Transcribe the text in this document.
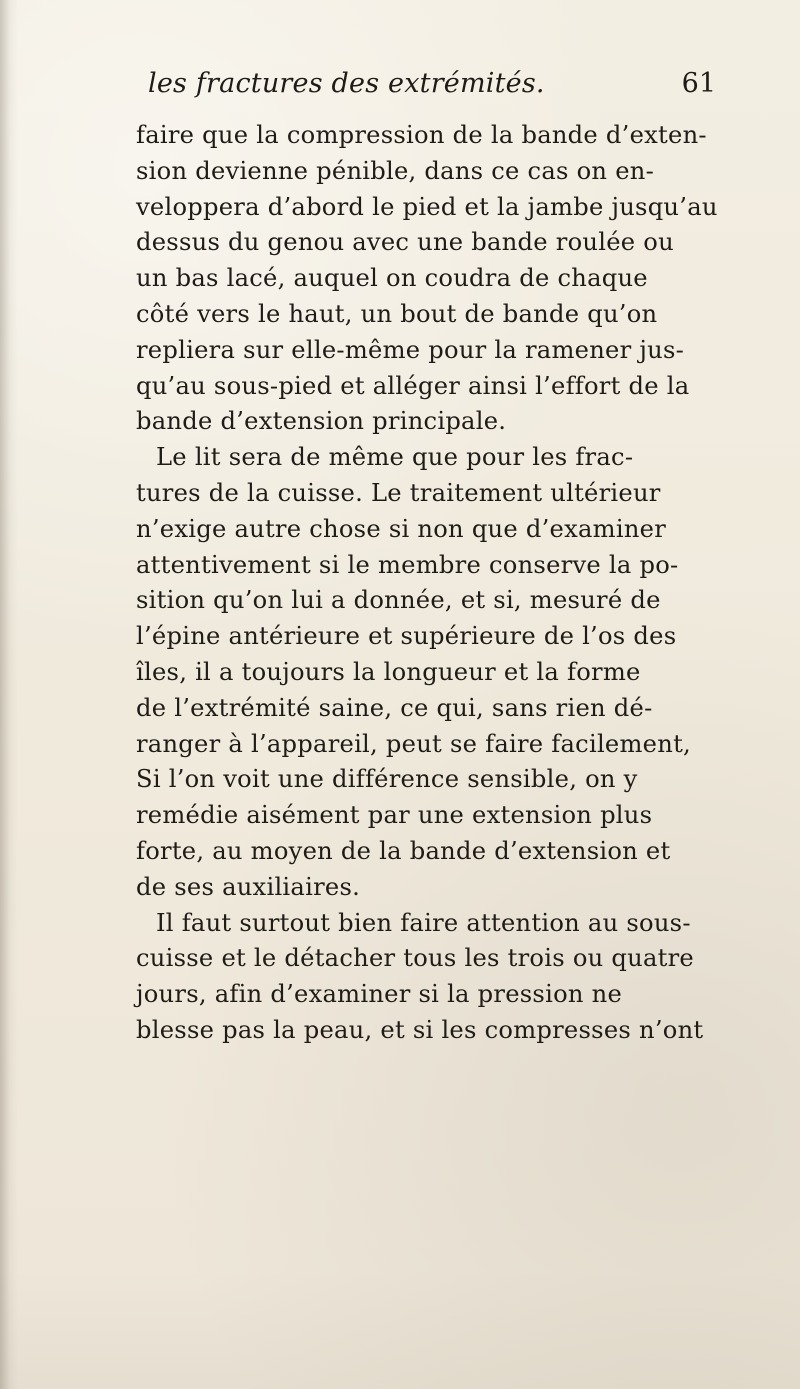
les fractures des extrémités.	61
faire que la compression de la bande d’exten-
sion devienne pénible, dans ce cas on en-
veloppera d’abord le pied et la jambe jusqu’au
dessus du genou avec une bande roulée ou
un bas lacé, auquel on coudra de chaque
côté vers le haut, un bout de bande qu’on
repliera sur elle-même pour la ramener jus-
qu’au sous-pied et alléger ainsi l’effort de la
bande d’extension principale.
Le lit sera de même que pour les frac-
tures de la cuisse. Le traitement ultérieur
n’exige autre chose si non que d’examiner
attentivement si le membre conserve la po-
sition qu’on lui a donnée, et si, mesuré de
l’épine antérieure et supérieure de l’os des
îles, il a toujours la longueur et la forme
de l’extrémité saine, ce qui, sans rien dé-
ranger à l’appareil, peut se faire facilement,
Si l’on voit une différence sensible, on y
remédie aisément par une extension plus
forte, au moyen de la bande d’extension et
de ses auxiliaires.
Il faut surtout bien faire attention au sous-
cuisse et le détacher tous les trois ou quatre
jours, afin d’examiner si la pression ne
blesse pas la peau, et si les compresses n’ont
